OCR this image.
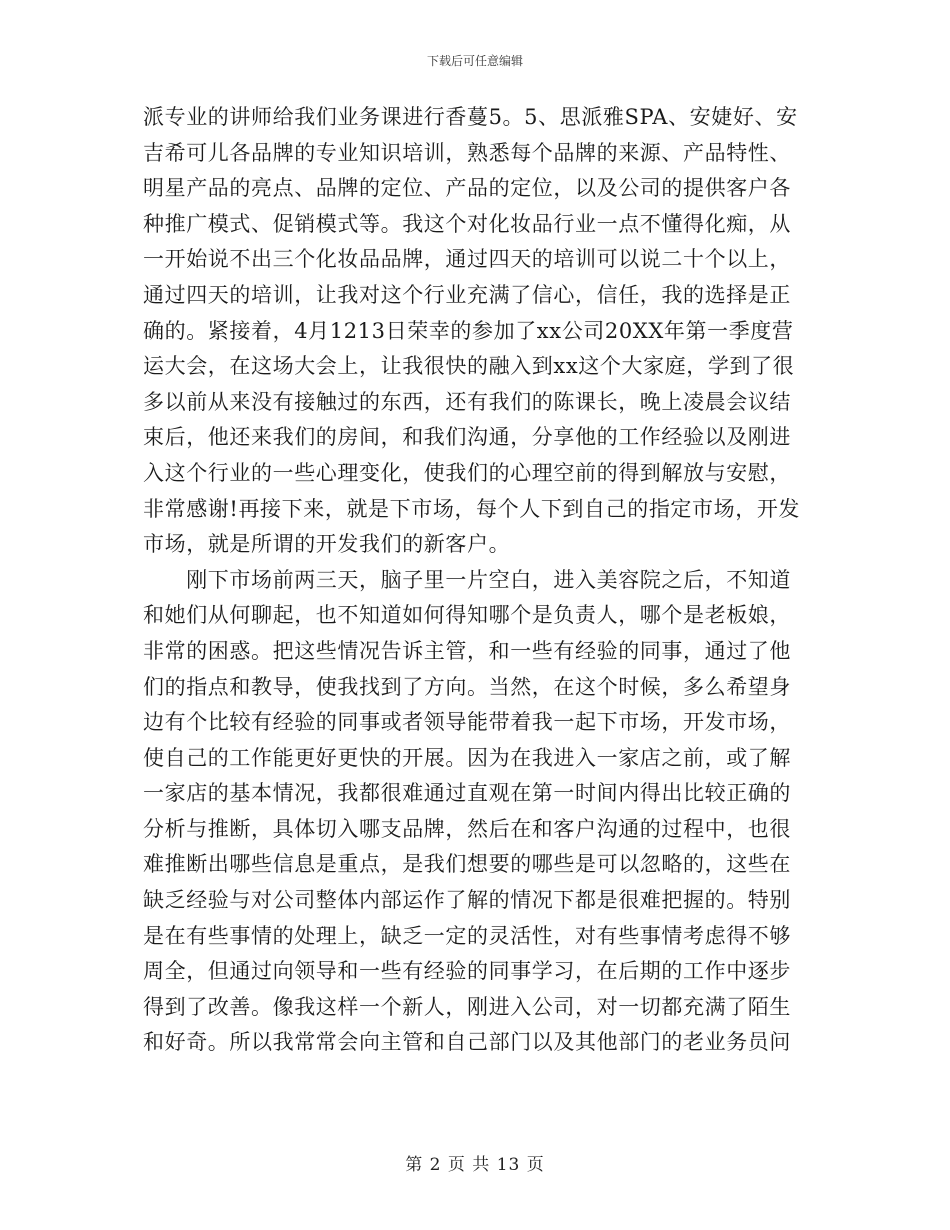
下载后可任意编辑

派专业的讲师给我们业务课进行香蔓5。5、思派雅SPA、安婕好、安
吉希可儿各品牌的专业知识培训，熟悉每个品牌的来源、产品特性、
明星产品的亮点、品牌的定位、产品的定位，以及公司的提供客户各
种推广模式、促销模式等。我这个对化妆品行业一点不懂得化痴，从
一开始说不出三个化妆品品牌，通过四天的培训可以说二十个以上，
通过四天的培训，让我对这个行业充满了信心，信任，我的选择是正
确的。紧接着，4月1213日荣幸的参加了xx公司20XX年第一季度营
运大会，在这场大会上，让我很快的融入到xx这个大家庭，学到了很
多以前从来没有接触过的东西，还有我们的陈课长，晚上凌晨会议结
束后，他还来我们的房间，和我们沟通，分享他的工作经验以及刚进
入这个行业的一些心理变化，使我们的心理空前的得到解放与安慰，
非常感谢!再接下来，就是下市场，每个人下到自己的指定市场，开发
市场，就是所谓的开发我们的新客户。

　　刚下市场前两三天，脑子里一片空白，进入美容院之后，不知道
和她们从何聊起，也不知道如何得知哪个是负责人，哪个是老板娘，
非常的困惑。把这些情况告诉主管，和一些有经验的同事，通过了他
们的指点和教导，使我找到了方向。当然，在这个时候，多么希望身
边有个比较有经验的同事或者领导能带着我一起下市场，开发市场，
使自己的工作能更好更快的开展。因为在我进入一家店之前，或了解
一家店的基本情况，我都很难通过直观在第一时间内得出比较正确的
分析与推断，具体切入哪支品牌，然后在和客户沟通的过程中，也很
难推断出哪些信息是重点，是我们想要的哪些是可以忽略的，这些在
缺乏经验与对公司整体内部运作了解的情况下都是很难把握的。特别
是在有些事情的处理上，缺乏一定的灵活性，对有些事情考虑得不够
周全，但通过向领导和一些有经验的同事学习，在后期的工作中逐步
得到了改善。像我这样一个新人，刚进入公司，对一切都充满了陌生
和好奇。所以我常常会向主管和自己部门以及其他部门的老业务员问

第 2 页 共 13 页
